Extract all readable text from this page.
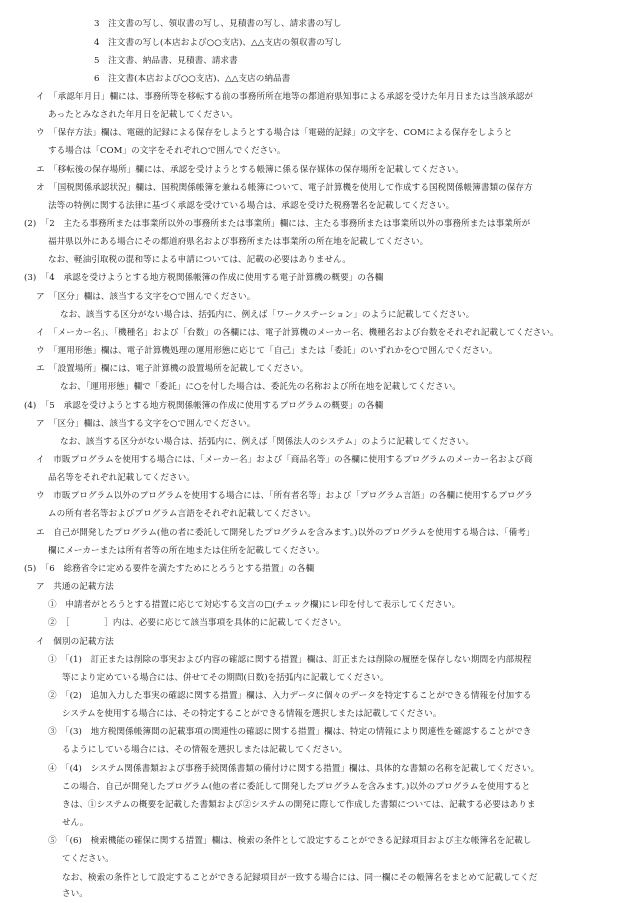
3　注文書の写し、領収書の写し、見積書の写し、請求書の写し
4　注文書の写し(本店および○○支店)、△△支店の領収書の写し
5　注文書、納品書、見積書、請求書
6　注文書(本店および○○支店)、△△支店の納品書
イ　「承認年月日」欄には、事務所等を移転する前の事務所所在地等の都道府県知事による承認を受けた年月日または当該承認が
あったとみなされた年月日を記載してください。
ウ　「保存方法」欄は、電磁的記録による保存をしようとする場合は「電磁的記録」の文字を、COMによる保存をしようと
する場合は「COM」の文字をそれぞれ○で囲んでください。
エ　「移転後の保存場所」欄には、承認を受けようとする帳簿に係る保存媒体の保存場所を記載してください。
オ　「国税関係承認状況」欄は、国税関係帳簿を兼ねる帳簿について、電子計算機を使用して作成する国税関係帳簿書類の保存方
法等の特例に関する法律に基づく承認を受けている場合は、承認を受けた税務署名を記載してください。
(2)　「2　主たる事務所または事業所以外の事務所または事業所」欄には、主たる事務所または事業所以外の事務所または事業所が
福井県以外にある場合にその都道府県名および事務所または事業所の所在地を記載してください。
なお、軽油引取税の混和等による申請については、記載の必要はありません。
(3)　「4　承認を受けようとする地方税関係帳簿の作成に使用する電子計算機の概要」の各欄
ア　「区分」欄は、該当する文字を○で囲んでください。
なお、該当する区分がない場合は、括弧内に、例えば「ワークステーション」のように記載してください。
イ　「メーカー名」、「機種名」および「台数」の各欄には、電子計算機のメーカー名、機種名および台数をそれぞれ記載してください。
ウ　「運用形態」欄は、電子計算機処理の運用形態に応じて「自己」または「委託」のいずれかを○で囲んでください。
エ　「設置場所」欄には、電子計算機の設置場所を記載してください。
なお、「運用形態」欄で「委託」に○を付した場合は、委託先の名称および所在地を記載してください。
(4)　「5　承認を受けようとする地方税関係帳簿の作成に使用するプログラムの概要」の各欄
ア　「区分」欄は、該当する文字を○で囲んでください。
なお、該当する区分がない場合は、括弧内に、例えば「関係法人のシステム」のように記載してください。
イ　市販プログラムを使用する場合には、「メーカー名」および「商品名等」の各欄に使用するプログラムのメーカー名および商
品名等をそれぞれ記載してください。
ウ　市販プログラム以外のプログラムを使用する場合には、「所有者名等」および「プログラム言語」の各欄に使用するプログラ
ムの所有者名等およびプログラム言語をそれぞれ記載してください。
エ　自己が開発したプログラム(他の者に委託して開発したプログラムを含みます。)以外のプログラムを使用する場合は、「備考」
欄にメーカーまたは所有者等の所在地または住所を記載してください。
(5)　「6　総務省令に定める要件を満たすためにとろうとする措置」の各欄
ア　共通の記載方法
①　申請者がとろうとする措置に応じて対応する文言の□(チェック欄)にレ印を付して表示してください。
②　［　　　　］内は、必要に応じて該当事項を具体的に記載してください。
イ　個別の記載方法
①　「(1)　訂正または削除の事実および内容の確認に関する措置」欄は、訂正または削除の履歴を保存しない期間を内部規程
等により定めている場合には、併せてその期間(日数)を括弧内に記載してください。
②　「(2)　追加入力した事実の確認に関する措置」欄は、入力データに個々のデータを特定することができる情報を付加する
システムを使用する場合には、その特定することができる情報を選択しまたは記載してください。
③　「(3)　地方税関係帳簿間の記載事項の関連性の確認に関する措置」欄は、特定の情報により関連性を確認することができ
るようにしている場合には、その情報を選択しまたは記載してください。
④　「(4)　システム関係書類および事務手続関係書類の備付けに関する措置」欄は、具体的な書類の名称を記載してください。
この場合、自己が開発したプログラム(他の者に委託して開発したプログラムを含みます。)以外のプログラムを使用すると
きは、①システムの概要を記載した書類および②システムの開発に際して作成した書類については、記載する必要はありま
せん。
⑤　「(6)　検索機能の確保に関する措置」欄は、検索の条件として設定することができる記録項目および主な帳簿名を記載し
てください。
なお、検索の条件として設定することができる記録項目が一致する場合には、同一欄にその帳簿名をまとめて記載してくだ
さい。
